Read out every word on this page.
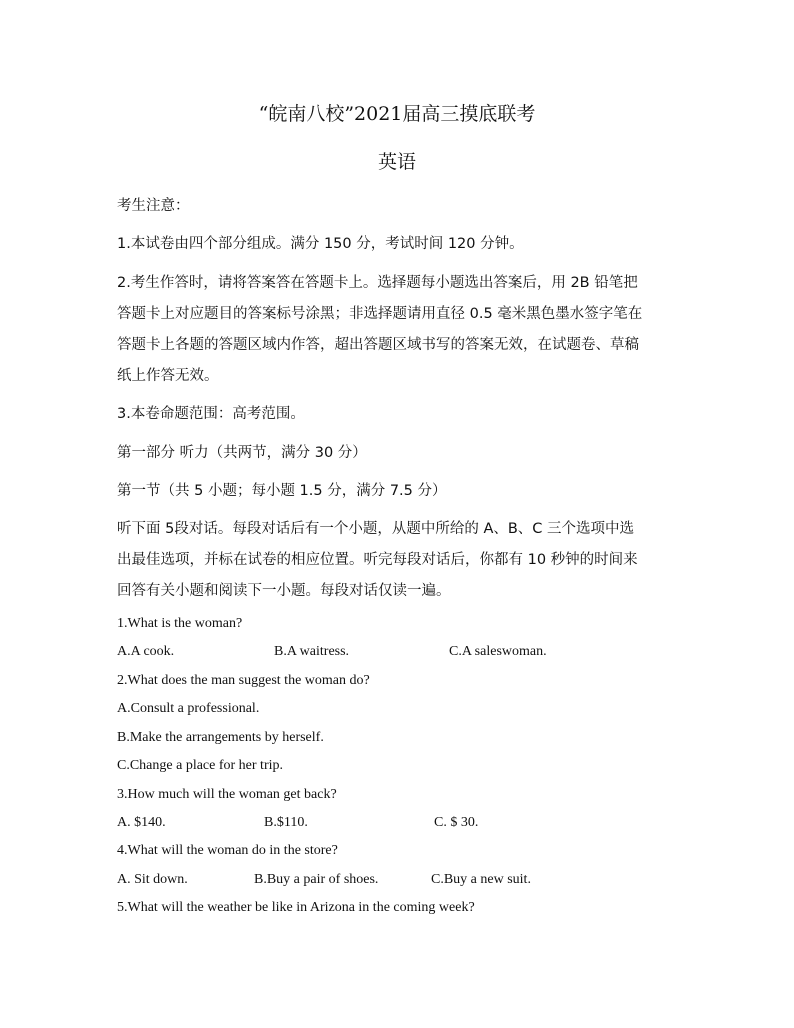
“皖南八校”2021届高三摸底联考
英语
考生注意：
1.本试卷由四个部分组成。满分 150 分，考试时间 120 分钟。
2.考生作答时，请将答案答在答题卡上。选择题每小题选出答案后，用 2B 铅笔把
答题卡上对应题目的答案标号涂黑；非选择题请用直径 0.5 毫米黑色墨水签字笔在
答题卡上各题的答题区域内作答，超出答题区域书写的答案无效，在试题卷、草稿
纸上作答无效。
3.本卷命题范围：高考范围。
第一部分 听力（共两节，满分 30 分）
第一节（共 5 小题；每小题 1.5 分，满分 7.5 分）
听下面 5段对话。每段对话后有一个小题，从题中所给的 A、B、C 三个选项中选
出最佳选项，并标在试卷的相应位置。听完每段对话后，你都有 10 秒钟的时间来
回答有关小题和阅读下一小题。每段对话仅读一遍。
1.What is the woman?
A.A cook.	B.A waitress.	C.A saleswoman.
2.What does the man suggest the woman do?
A.Consult a professional.
B.Make the arrangements by herself.
C.Change a place for her trip.
3.How much will the woman get back?
A. $140.	B.$110.	C. $ 30.
4.What will the woman do in the store?
A. Sit down.	B.Buy a pair of shoes.	C.Buy a new suit.
5.What will the weather be like in Arizona in the coming week?
